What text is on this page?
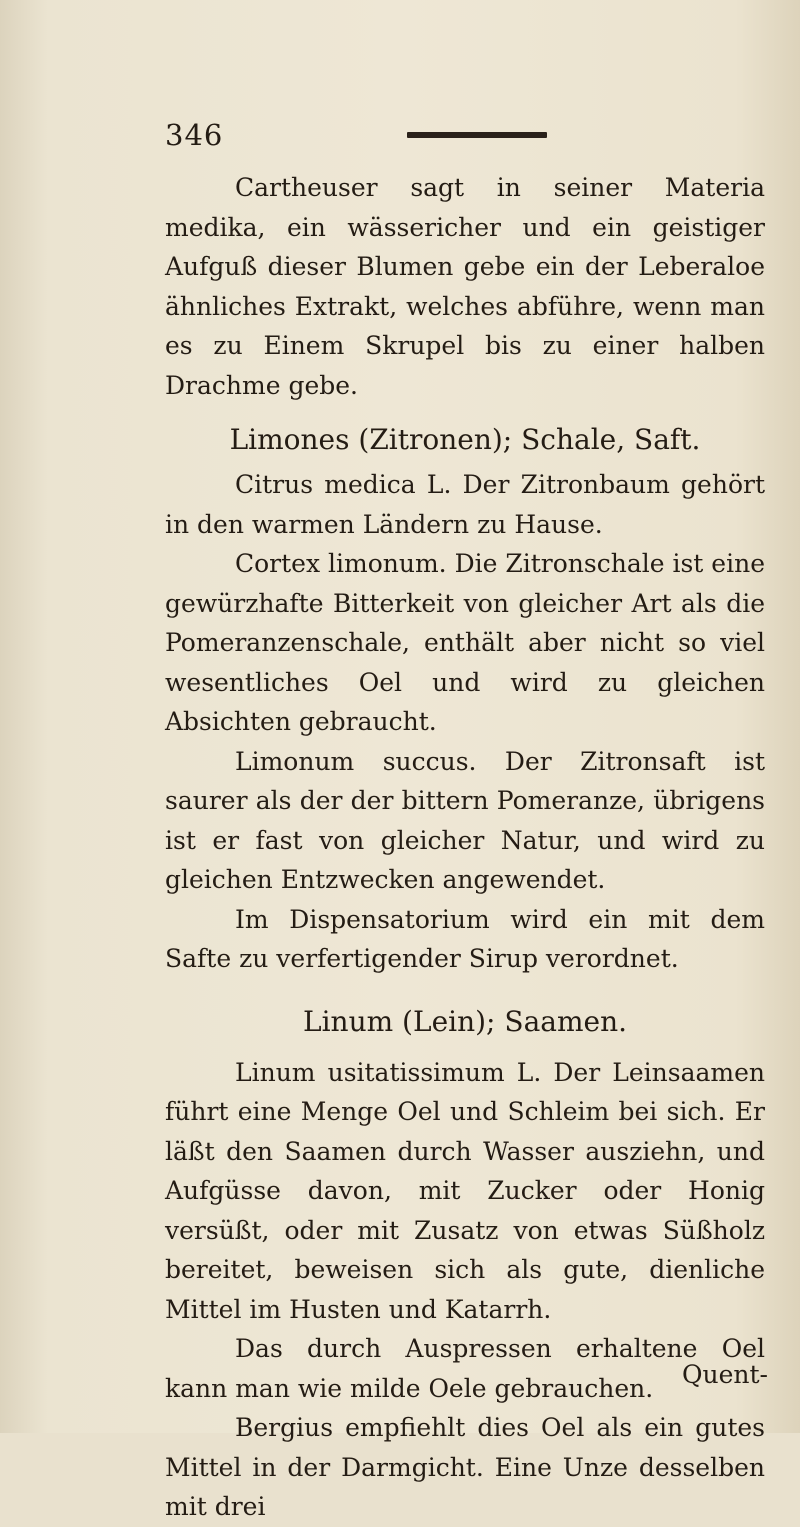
346

Cartheuser sagt in seiner Materia medika, ein wässericher und ein geistiger Aufguß dieser Blumen gebe ein der Leberaloe ähnliches Extrakt, welches abführe, wenn man es zu Einem Skrupel bis zu einer halben Drachme gebe.

Limones (Zitronen); Schale, Saft.

Citrus medica L. Der Zitronbaum gehört in den warmen Ländern zu Hause.

Cortex limonum. Die Zitronschale ist eine gewürzhafte Bitterkeit von gleicher Art als die Pomeranzenschale, enthält aber nicht so viel wesentliches Oel und wird zu gleichen Absichten gebraucht.

Limonum succus. Der Zitronsaft ist saurer als der der bittern Pomeranze, übrigens ist er fast von gleicher Natur, und wird zu gleichen Entzwecken angewendet.

Im Dispensatorium wird ein mit dem Safte zu verfertigender Sirup verordnet.

Linum (Lein); Saamen.

Linum usitatissimum L. Der Leinsaamen führt eine Menge Oel und Schleim bei sich. Er läßt den Saamen durch Wasser ausziehn, und Aufgüsse davon, mit Zucker oder Honig versüßt, oder mit Zusatz von etwas Süßholz bereitet, beweisen sich als gute, dienliche Mittel im Husten und Katarrh.

Das durch Auspressen erhaltene Oel kann man wie milde Oele gebrauchen.

Bergius empfiehlt dies Oel als ein gutes Mittel in der Darmgicht. Eine Unze desselben mit drei

Quent-
